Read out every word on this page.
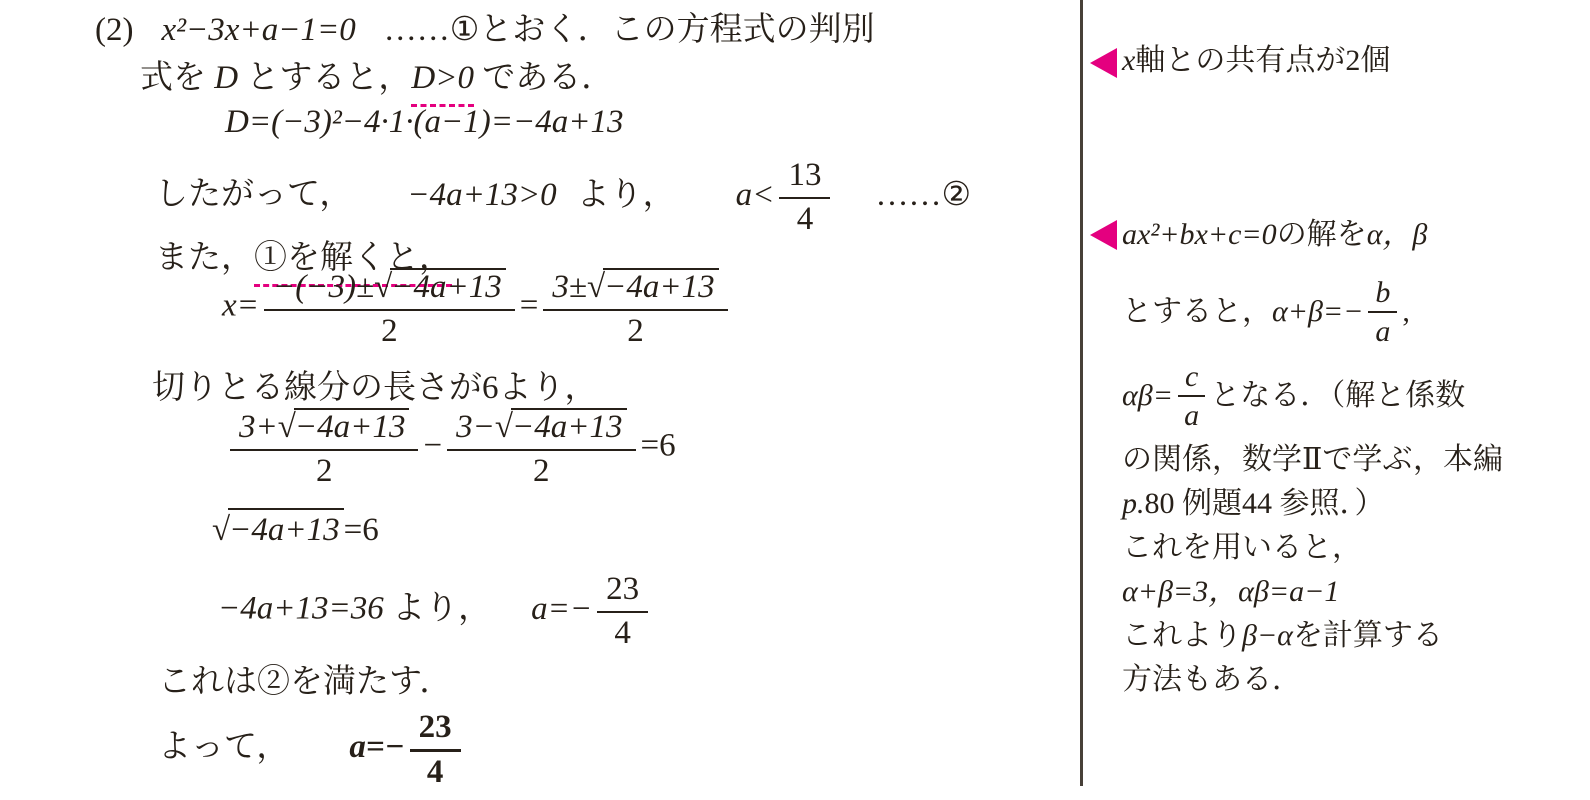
(2) x²−3x+a−1=0 ……①とおく．この方程式の判別
式を D とすると，D>0 である．
D=(−3)²−4·1·(a−1)=−4a+13
したがって， −4a+13>0 より， $a< \frac{13}{4}$ ……②
また，①を解くと，
$x= \frac{-(-3)\pm√-4a+13}{2} = \frac{3\pm√-4a+13}{2}$
切りとる線分の長さが6より，
$\frac{3+√-4a+13}{2} - \frac{3-√-4a+13}{2} =6$
√−4a+13 =6
−4a+13=36 より， $a=- \frac{23}{4}$
これは②を満たす．
よって， $a=- \frac{23}{4}$
x軸との共有点が2個
ax²+bx+c=0 の解を α，β
とすると， $\alpha+\beta=- \frac{b}{a}$ ,
$\alpha\beta= \frac{c}{a}$ となる．（解と係数
の関係，数学Ⅱで学ぶ，本編
p. 80 例題44 参照．）
これを用いると，
α+β=3，αβ=a−1
これより β−α を計算する
方法もある．
